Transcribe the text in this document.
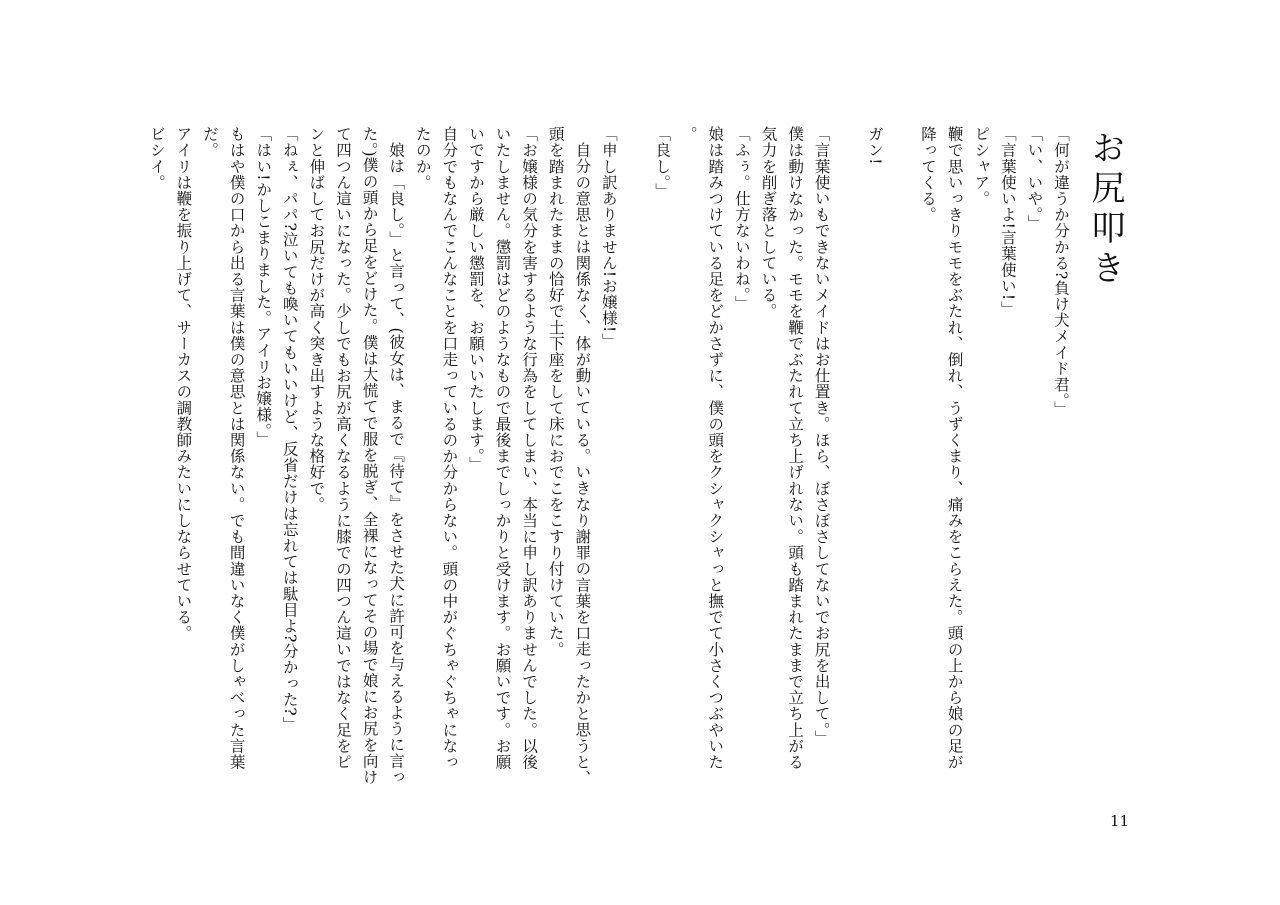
お尻叩き

「何が違うか分かる?負け犬メイド君。」

「い、いや。」

「言葉使いよ!言葉使い!」

ピシャア。

鞭で思いっきりモモをぶたれ、倒れ、うずくまり、痛みをこらえた。頭の上から娘の足が降ってくる。

ガン!

「言葉使いもできないメイドはお仕置き。ほら、ぼさぼさしてないでお尻を出して。」

僕は動けなかった。モモを鞭でぶたれて立ち上げれない。頭も踏まれたままで立ち上がる気力を削ぎ落としている。

「ふぅ。仕方ないわね。」

娘は踏みつけている足をどかさずに、僕の頭をクシャクシャっと撫でて小さくつぶやいた。

「良し。」

「申し訳ありません!お嬢様!」

自分の意思とは関係なく、体が動いている。いきなり謝罪の言葉を口走ったかと思うと、頭を踏まれたままの恰好で土下座をして床におでこをこすり付けていた。

「お嬢様の気分を害するような行為をしてしまい、本当に申し訳ありませんでした。以後いたしません。懲罰はどのようなもので最後までしっかりと受けます。お願いです。お願いですから厳しい懲罰を、お願いいたします。」

自分でもなんでこんなことを口走っているのか分からない。頭の中がぐちゃぐちゃになったのか。

娘は「良し。」と言って、(彼女は、まるで『待て』をさせた犬に許可を与えるように言った。)僕の頭から足をどけた。僕は大慌てで服を脱ぎ、全裸になってその場で娘にお尻を向けて四つん這いになった。少しでもお尻が高くなるように膝での四つん這いではなく足をピンと伸ばしてお尻だけが高く突き出すような格好で。

「ねぇ、パパ?泣いても喚いてもいいけど、反省だけは忘れては駄目よ?分かった?」

「はい!かしこまりました。アイリお嬢様。」

もはや僕の口から出る言葉は僕の意思とは関係ない。でも間違いなく僕がしゃべった言葉だ。

アイリは鞭を振り上げて、サーカスの調教師みたいにしならせている。

ビシイ。

11
